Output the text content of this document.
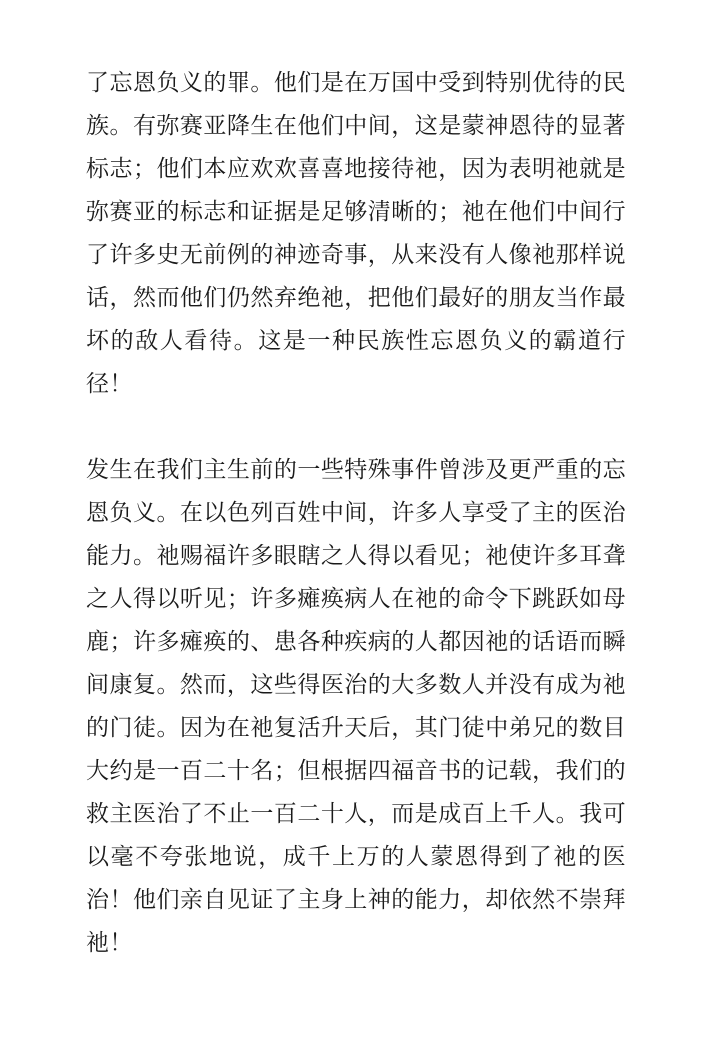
了忘恩负义的罪。他们是在万国中受到特别优待的民族。有弥赛亚降生在他们中间，这是蒙神恩待的显著标志；他们本应欢欢喜喜地接待祂，因为表明祂就是弥赛亚的标志和证据是足够清晰的；祂在他们中间行了许多史无前例的神迹奇事，从来没有人像祂那样说话，然而他们仍然弃绝祂，把他们最好的朋友当作最坏的敌人看待。这是一种民族性忘恩负义的霸道行径！

发生在我们主生前的一些特殊事件曾涉及更严重的忘恩负义。在以色列百姓中间，许多人享受了主的医治能力。祂赐福许多眼瞎之人得以看见；祂使许多耳聋之人得以听见；许多瘫痪病人在祂的命令下跳跃如母鹿；许多瘫痪的、患各种疾病的人都因祂的话语而瞬间康复。然而，这些得医治的大多数人并没有成为祂的门徒。因为在祂复活升天后，其门徒中弟兄的数目大约是一百二十名；但根据四福音书的记载，我们的救主医治了不止一百二十人，而是成百上千人。我可以毫不夸张地说，成千上万的人蒙恩得到了祂的医治！他们亲自见证了主身上神的能力，却依然不崇拜祂！
